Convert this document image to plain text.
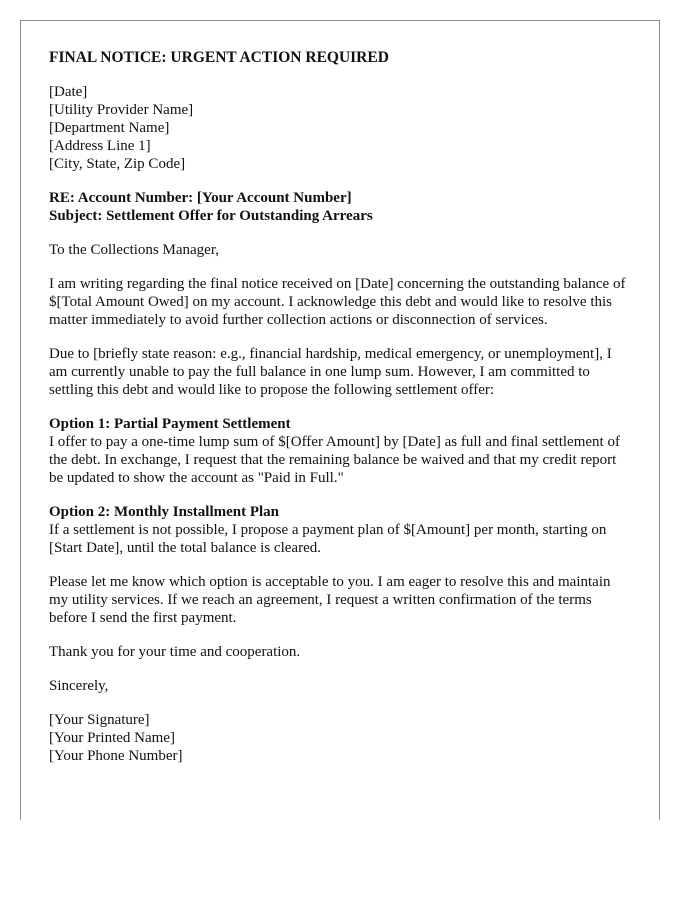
FINAL NOTICE: URGENT ACTION REQUIRED
[Date]
[Utility Provider Name]
[Department Name]
[Address Line 1]
[City, State, Zip Code]
RE: Account Number: [Your Account Number]
Subject: Settlement Offer for Outstanding Arrears

To the Collections Manager,

I am writing regarding the final notice received on [Date] concerning the outstanding balance of $[Total Amount Owed] on my account. I acknowledge this debt and would like to resolve this matter immediately to avoid further collection actions or disconnection of services.

Due to [briefly state reason: e.g., financial hardship, medical emergency, or unemployment], I am currently unable to pay the full balance in one lump sum. However, I am committed to settling this debt and would like to propose the following settlement offer:

Option 1: Partial Payment Settlement
I offer to pay a one-time lump sum of $[Offer Amount] by [Date] as full and final settlement of the debt. In exchange, I request that the remaining balance be waived and that my credit report be updated to show the account as "Paid in Full."
Option 2: Monthly Installment Plan
If a settlement is not possible, I propose a payment plan of $[Amount] per month, starting on [Start Date], until the total balance is cleared.

Please let me know which option is acceptable to you. I am eager to resolve this and maintain my utility services. If we reach an agreement, I request a written confirmation of the terms before I send the first payment.

Thank you for your time and cooperation.

Sincerely,

[Your Signature]
[Your Printed Name]
[Your Phone Number]
